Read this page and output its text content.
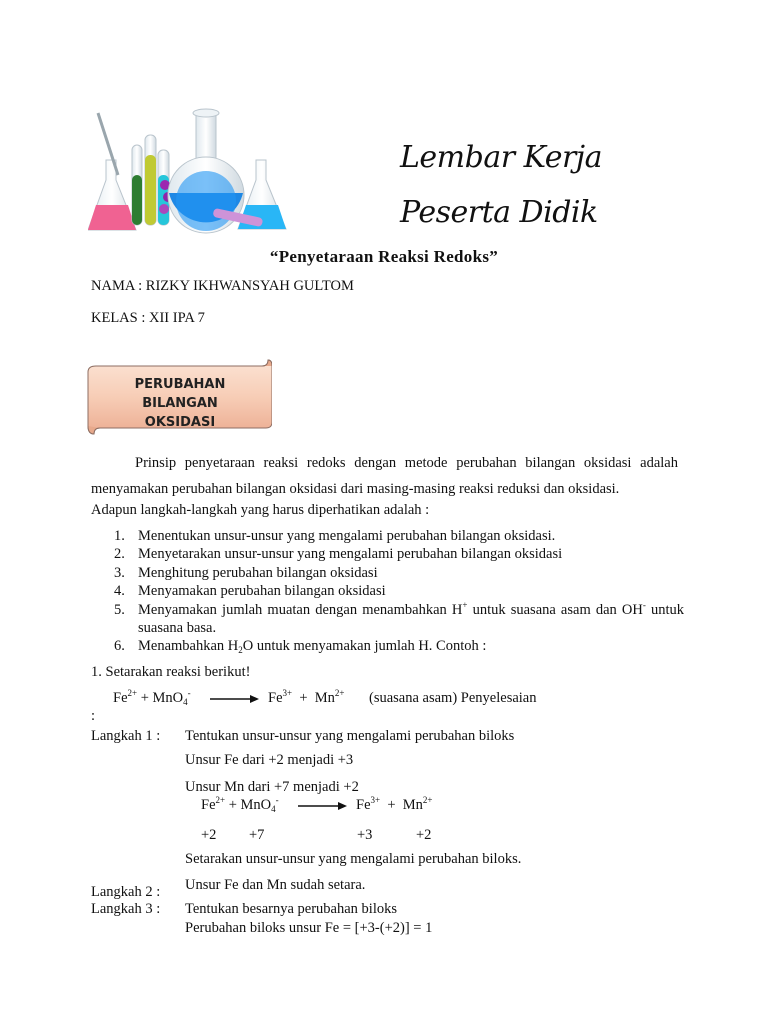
Lembar Kerja
Peserta Didik
“Penyetaraan Reaksi Redoks”
NAMA : RIZKY IKHWANSYAH GULTOM
KELAS : XII IPA 7
PERUBAHAN
BILANGAN
OKSIDASI
Prinsip penyetaraan reaksi redoks dengan metode perubahan bilangan oksidasi adalah menyamakan perubahan bilangan oksidasi dari masing-masing reaksi reduksi dan oksidasi.
Adapun langkah-langkah yang harus diperhatikan adalah :
1. Menentukan unsur-unsur yang mengalami perubahan bilangan oksidasi.
2. Menyetarakan unsur-unsur yang mengalami perubahan bilangan oksidasi
3. Menghitung perubahan bilangan oksidasi
4. Menyamakan perubahan bilangan oksidasi
5. Menyamakan jumlah muatan dengan menambahkan H+ untuk suasana asam dan OH- untuk suasana basa.
6. Menambahkan $H_2O$ untuk menyamakan jumlah H. Contoh :
1. Setarakan reaksi berikut!
$Fe^{2+} + MnO_4^- \to Fe^{3+} + Mn^{2+}$ (suasana asam) Penyelesaian
:
Langkah 1 : Tentukan unsur-unsur yang mengalami perubahan biloks
Unsur Fe dari +2 menjadi +3
Unsur Mn dari +7 menjadi +2
$Fe^{2+} + MnO_4^- \to Fe^{3+} + Mn^{2+}$
+2 +7	+3	+2
Setarakan unsur-unsur yang mengalami perubahan biloks.
Unsur Fe dan Mn sudah setara.
Langkah 2 :
Langkah 3 : Tentukan besarnya perubahan biloks
Perubahan biloks unsur Fe = [+3-(+2)] = 1
